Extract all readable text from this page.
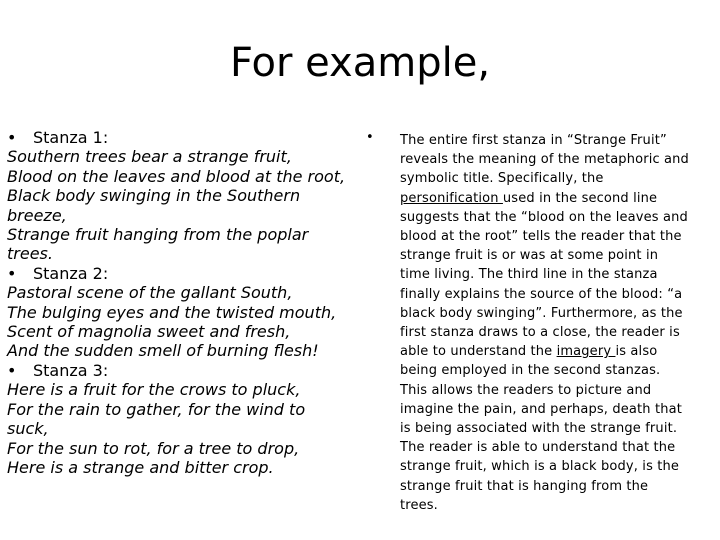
For example,
•	Stanza 1:
Southern trees bear a strange fruit,
Blood on the leaves and blood at the root,
Black body swinging in the Southern
breeze,
Strange fruit hanging from the poplar
trees.
•	Stanza 2:
Pastoral scene of the gallant South,
The bulging eyes and the twisted mouth,
Scent of magnolia sweet and fresh,
And the sudden smell of burning flesh!
•	Stanza 3:
Here is a fruit for the crows to pluck,
For the rain to gather, for the wind to
suck,
For the sun to rot, for a tree to drop,
Here is a strange and bitter crop.
• The entire first stanza in “Strange Fruit” reveals the meaning of the metaphoric and symbolic title. Specifically, the personification used in the second line suggests that the “blood on the leaves and blood at the root” tells the reader that the strange fruit is or was at some point in time living. The third line in the stanza finally explains the source of the blood: “a black body swinging”. Furthermore, as the first stanza draws to a close, the reader is able to understand the imagery is also being employed in the second stanzas. This allows the readers to picture and imagine the pain, and perhaps, death that is being associated with the strange fruit. The reader is able to understand that the strange fruit, which is a black body, is the strange fruit that is hanging from the trees.
